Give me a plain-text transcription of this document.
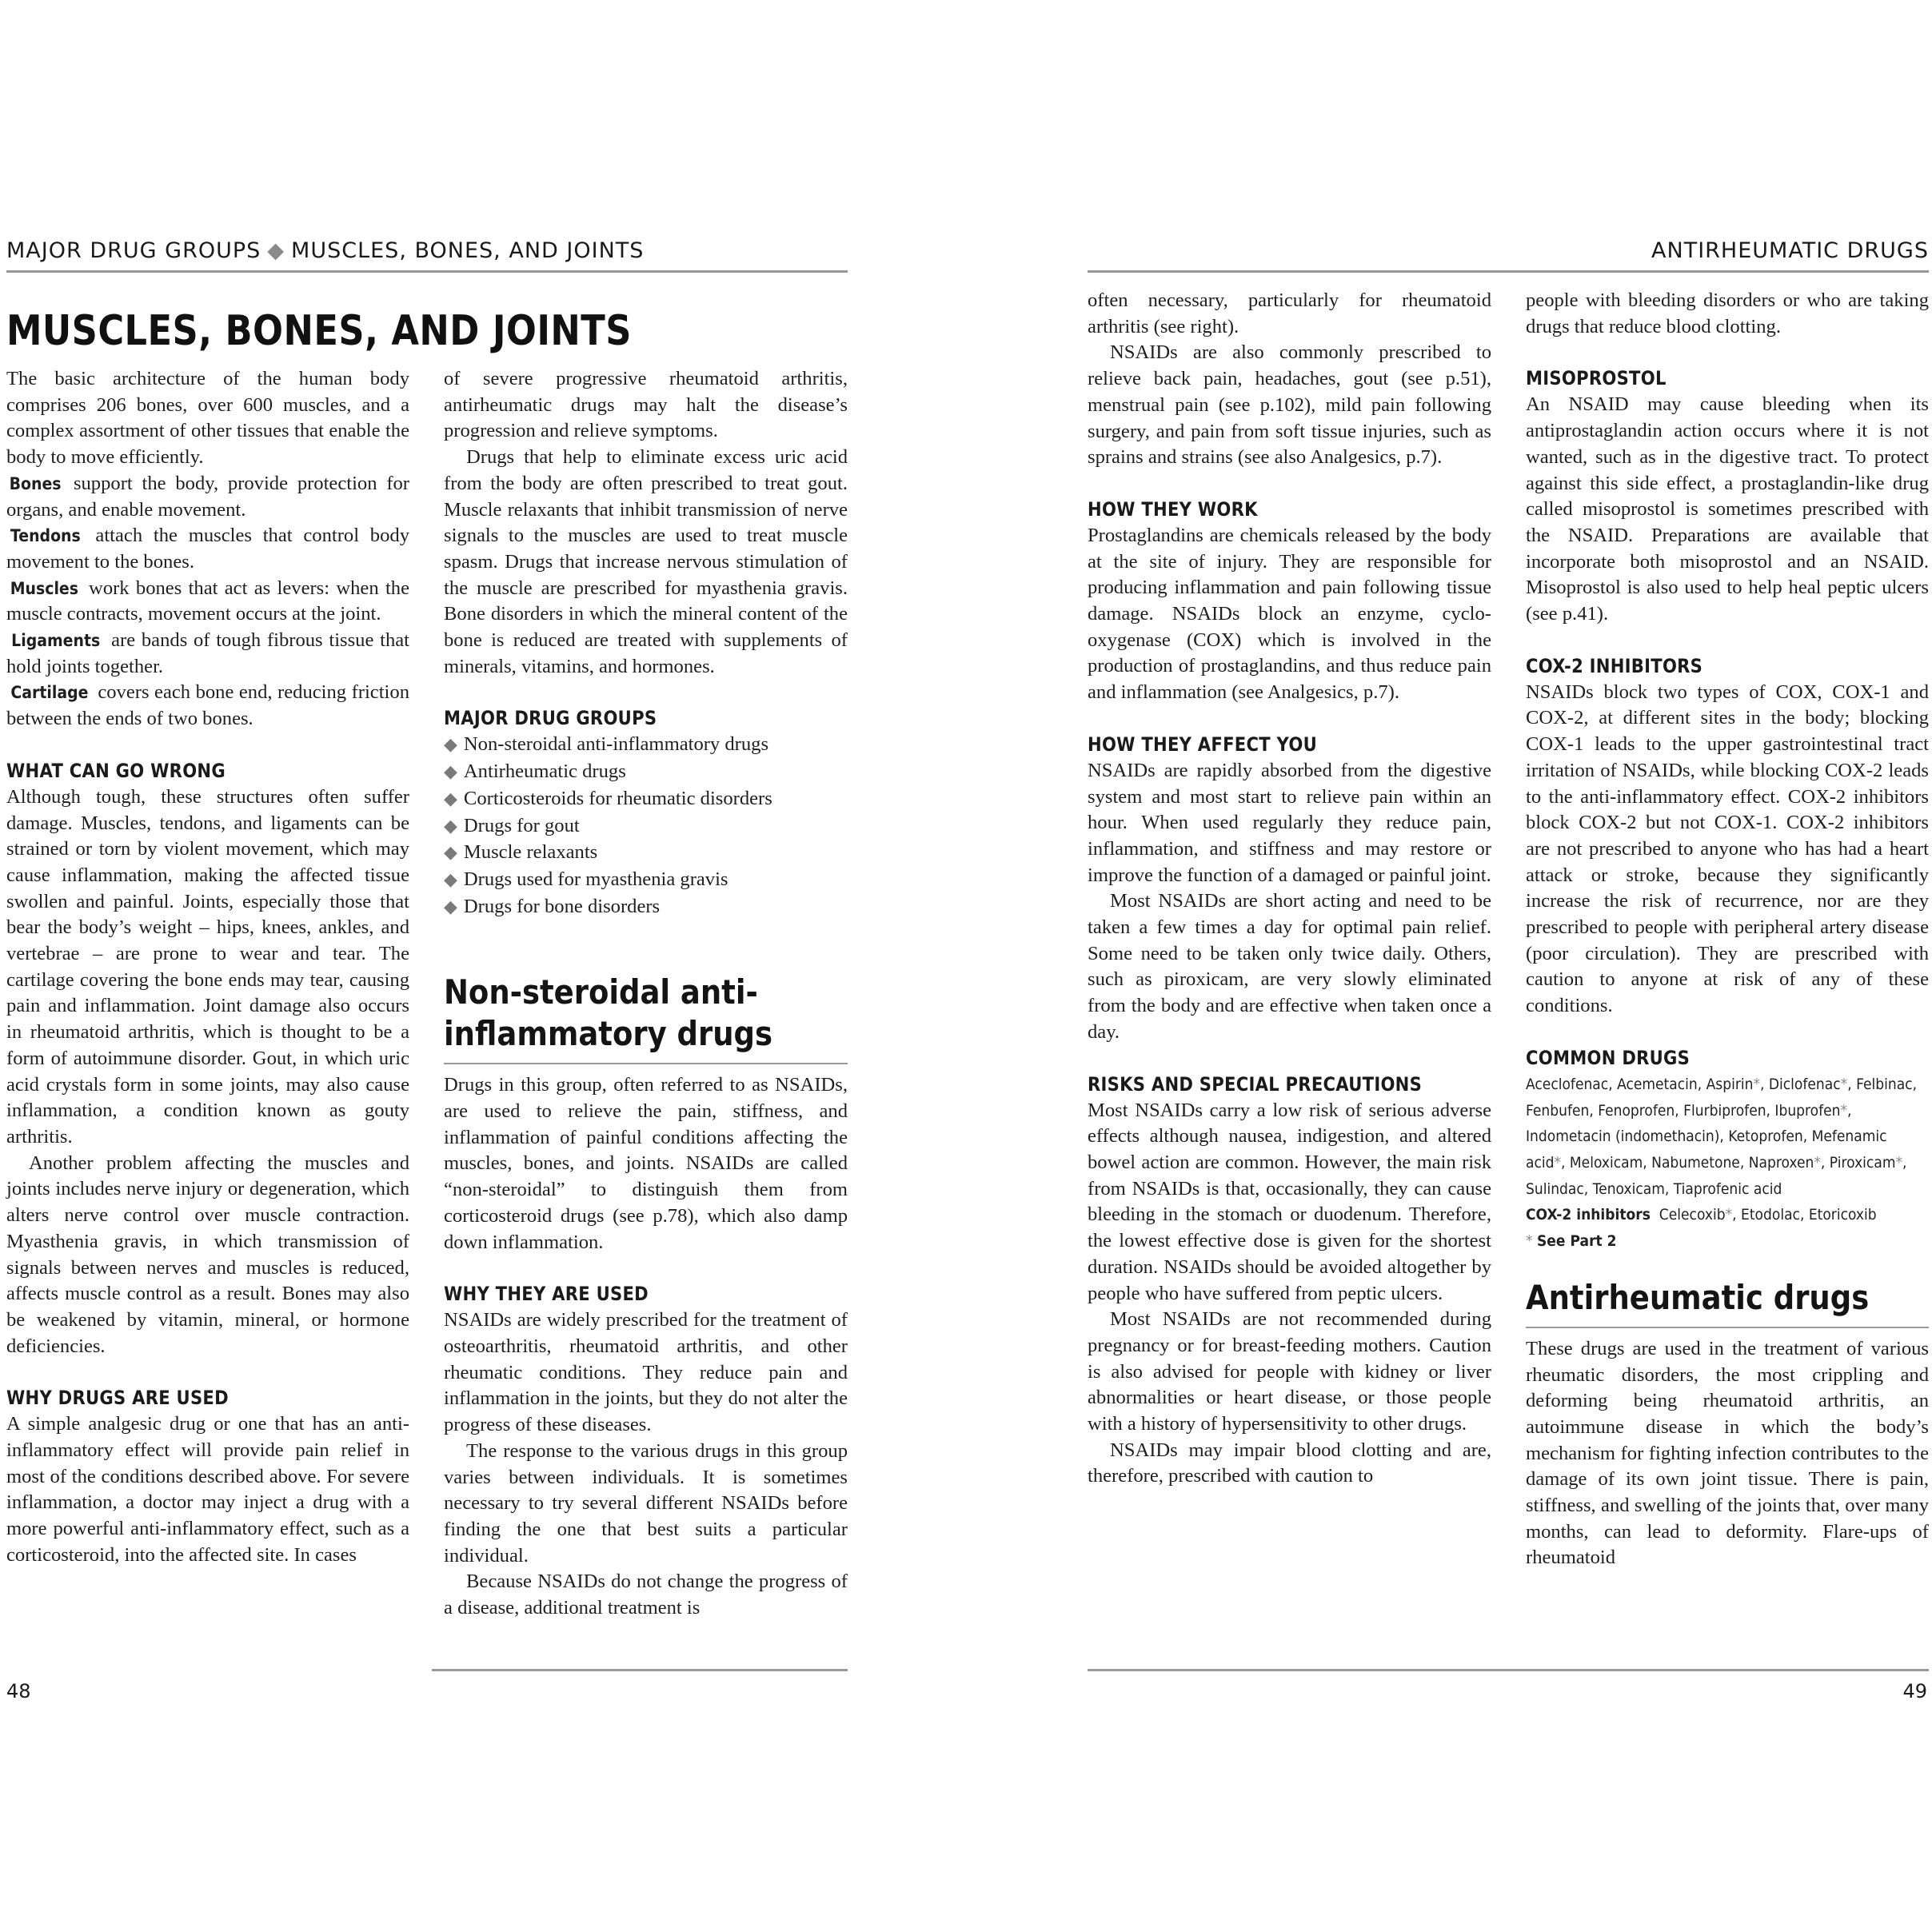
MAJOR DRUG GROUPS ◆ MUSCLES, BONES, AND JOINTS
MUSCLES, BONES, AND JOINTS

The basic architecture of the human body comprises 206 bones, over 600 muscles, and a complex assortment of other tissues that enable the body to move efficiently.

Bones support the body, provide protection for organs, and enable movement.

Tendons attach the muscles that control body movement to the bones.

Muscles work bones that act as levers: when the muscle contracts, movement occurs at the joint.

Ligaments are bands of tough fibrous tissue that hold joints together.

Cartilage covers each bone end, reducing friction between the ends of two bones.

WHAT CAN GO WRONG

Although tough, these structures often suffer damage. Muscles, tendons, and ligaments can be strained or torn by violent movement, which may cause inflammation, making the affected tissue swollen and painful. Joints, especially those that bear the body’s weight – hips, knees, ankles, and vertebrae – are prone to wear and tear. The cartilage covering the bone ends may tear, causing pain and inflammation. Joint damage also occurs in rheumatoid arthritis, which is thought to be a form of autoimmune disorder. Gout, in which uric acid crystals form in some joints, may also cause inflammation, a condition known as gouty arthritis.

Another problem affecting the muscles and joints includes nerve injury or degeneration, which alters nerve control over muscle contraction. Myasthenia gravis, in which transmission of signals between nerves and muscles is reduced, affects muscle control as a result. Bones may also be weakened by vitamin, mineral, or hormone deficiencies.

WHY DRUGS ARE USED

A simple analgesic drug or one that has an anti-inflammatory effect will provide pain relief in most of the conditions described above. For severe inflammation, a doctor may inject a drug with a more powerful anti-inflammatory effect, such as a corticosteroid, into the affected site. In cases

of severe progressive rheumatoid arthritis, antirheumatic drugs may halt the disease’s progression and relieve symptoms.

Drugs that help to eliminate excess uric acid from the body are often prescribed to treat gout. Muscle relaxants that inhibit transmission of nerve signals to the muscles are used to treat muscle spasm. Drugs that increase nervous stimulation of the muscle are prescribed for myasthenia gravis. Bone disorders in which the mineral content of the bone is reduced are treated with supplements of minerals, vitamins, and hormones.

MAJOR DRUG GROUPS
◆ Non-steroidal anti-inflammatory drugs
◆ Antirheumatic drugs
◆ Corticosteroids for rheumatic disorders
◆ Drugs for gout
◆ Muscle relaxants
◆ Drugs used for myasthenia gravis
◆ Drugs for bone disorders
Non-steroidal anti-inflammatory drugs

Drugs in this group, often referred to as NSAIDs, are used to relieve the pain, stiffness, and inflammation of painful conditions affecting the muscles, bones, and joints. NSAIDs are called “non-steroidal” to distinguish them from corticosteroid drugs (see p.78), which also damp down inflammation.

WHY THEY ARE USED

NSAIDs are widely prescribed for the treatment of osteoarthritis, rheumatoid arthritis, and other rheumatic conditions. They reduce pain and inflammation in the joints, but they do not alter the progress of these diseases.

The response to the various drugs in this group varies between individuals. It is sometimes necessary to try several different NSAIDs before finding the one that best suits a particular individual.

Because NSAIDs do not change the progress of a disease, additional treatment is

48
ANTIRHEUMATIC DRUGS

often necessary, particularly for rheumatoid arthritis (see right).

NSAIDs are also commonly prescribed to relieve back pain, headaches, gout (see p.51), menstrual pain (see p.102), mild pain following surgery, and pain from soft tissue injuries, such as sprains and strains (see also Analgesics, p.7).

HOW THEY WORK

Prostaglandins are chemicals released by the body at the site of injury. They are responsible for producing inflammation and pain following tissue damage. NSAIDs block an enzyme, cyclo-oxygenase (COX) which is involved in the production of prostaglandins, and thus reduce pain and inflammation (see Analgesics, p.7).

HOW THEY AFFECT YOU

NSAIDs are rapidly absorbed from the digestive system and most start to relieve pain within an hour. When used regularly they reduce pain, inflammation, and stiffness and may restore or improve the function of a damaged or painful joint.

Most NSAIDs are short acting and need to be taken a few times a day for optimal pain relief. Some need to be taken only twice daily. Others, such as piroxicam, are very slowly eliminated from the body and are effective when taken once a day.

RISKS AND SPECIAL PRECAUTIONS

Most NSAIDs carry a low risk of serious adverse effects although nausea, indigestion, and altered bowel action are common. However, the main risk from NSAIDs is that, occasionally, they can cause bleeding in the stomach or duodenum. Therefore, the lowest effective dose is given for the shortest duration. NSAIDs should be avoided altogether by people who have suffered from peptic ulcers.

Most NSAIDs are not recommended during pregnancy or for breast-feeding mothers. Caution is also advised for people with kidney or liver abnormalities or heart disease, or those people with a history of hypersensitivity to other drugs.

NSAIDs may impair blood clotting and are, therefore, prescribed with caution to

people with bleeding disorders or who are taking drugs that reduce blood clotting.

MISOPROSTOL

An NSAID may cause bleeding when its antiprostaglandin action occurs where it is not wanted, such as in the digestive tract. To protect against this side effect, a prostaglandin-like drug called misoprostol is sometimes prescribed with the NSAID. Preparations are available that incorporate both misoprostol and an NSAID. Misoprostol is also used to help heal peptic ulcers (see p.41).

COX-2 INHIBITORS

NSAIDs block two types of COX, COX-1 and COX-2, at different sites in the body; blocking COX-1 leads to the upper gastrointestinal tract irritation of NSAIDs, while blocking COX-2 leads to the anti-inflammatory effect. COX-2 inhibitors block COX-2 but not COX-1. COX-2 inhibitors are not prescribed to anyone who has had a heart attack or stroke, because they significantly increase the risk of recurrence, nor are they prescribed to people with peripheral artery disease (poor circulation). They are prescribed with caution to anyone at risk of any of these conditions.

COMMON DRUGS
Aceclofenac, Acemetacin, Aspirin*, Diclofenac*, Felbinac, Fenbufen, Fenoprofen, Flurbiprofen, Ibuprofen*, Indometacin (indomethacin), Ketoprofen, Mefenamic acid*, Meloxicam, Nabumetone, Naproxen*, Piroxicam*, Sulindac, Tenoxicam, Tiaprofenic acid
COX-2 inhibitors Celecoxib*, Etodolac, Etoricoxib
* See Part 2
Antirheumatic drugs

These drugs are used in the treatment of various rheumatic disorders, the most crippling and deforming being rheumatoid arthritis, an autoimmune disease in which the body’s mechanism for fighting infection contributes to the damage of its own joint tissue. There is pain, stiffness, and swelling of the joints that, over many months, can lead to deformity. Flare-ups of rheumatoid

49
